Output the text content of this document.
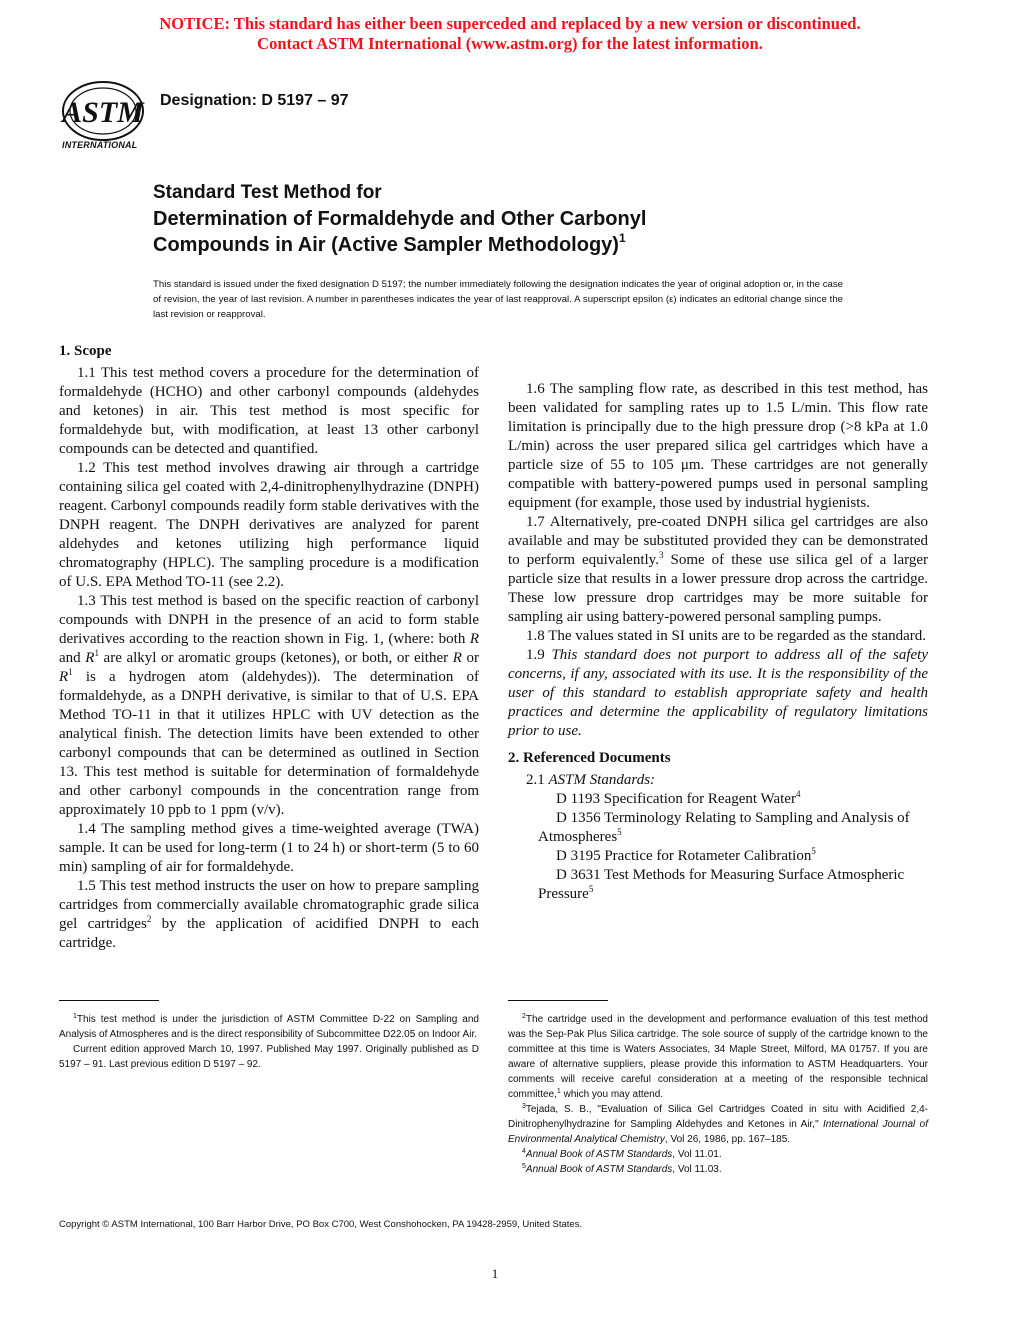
NOTICE: This standard has either been superceded and replaced by a new version or discontinued.
Contact ASTM International (www.astm.org) for the latest information.
ASTM
INTERNATIONAL
Designation: D 5197 – 97
Standard Test Method for
Determination of Formaldehyde and Other Carbonyl
Compounds in Air (Active Sampler Methodology)$^1$
This standard is issued under the fixed designation D 5197; the number immediately following the designation indicates the year of original adoption or, in the case of revision, the year of last revision. A number in parentheses indicates the year of last reapproval. A superscript epsilon (ε) indicates an editorial change since the last revision or reapproval.
1. Scope

1.1 This test method covers a procedure for the determination of formaldehyde (HCHO) and other carbonyl compounds (aldehydes and ketones) in air. This test method is most specific for formaldehyde but, with modification, at least 13 other carbonyl compounds can be detected and quantified.

1.2 This test method involves drawing air through a cartridge containing silica gel coated with 2,4-dinitrophenylhydrazine (DNPH) reagent. Carbonyl compounds readily form stable derivatives with the DNPH reagent. The DNPH derivatives are analyzed for parent aldehydes and ketones utilizing high performance liquid chromatography (HPLC). The sampling procedure is a modification of U.S. EPA Method TO-11 (see 2.2).

1.3 This test method is based on the specific reaction of carbonyl compounds with DNPH in the presence of an acid to form stable derivatives according to the reaction shown in Fig. 1, (where: both R and $R^1$ are alkyl or aromatic groups (ketones), or both, or either R or $R^1$ is a hydrogen atom (aldehydes)). The determination of formaldehyde, as a DNPH derivative, is similar to that of U.S. EPA Method TO-11 in that it utilizes HPLC with UV detection as the analytical finish. The detection limits have been extended to other carbonyl compounds that can be determined as outlined in Section 13. This test method is suitable for determination of formaldehyde and other carbonyl compounds in the concentration range from approximately 10 ppb to 1 ppm (v/v).

1.4 The sampling method gives a time-weighted average (TWA) sample. It can be used for long-term (1 to 24 h) or short-term (5 to 60 min) sampling of air for formaldehyde.

1.5 This test method instructs the user on how to prepare sampling cartridges from commercially available chromatographic grade silica gel cartridges$^2$ by the application of acidified DNPH to each cartridge.

$^1$This test method is under the jurisdiction of ASTM Committee D-22 on Sampling and Analysis of Atmospheres and is the direct responsibility of Subcommittee D22.05 on Indoor Air.

Current edition approved March 10, 1997. Published May 1997. Originally published as D 5197 – 91. Last previous edition D 5197 – 92.

$^2$The cartridge used in the development and performance evaluation of this test method was the Sep-Pak Plus Silica cartridge. The sole source of supply of the cartridge known to the committee at this time is Waters Associates, 34 Maple Street, Milford, MA 01757. If you are aware of alternative suppliers, please provide this information to ASTM Headquarters. Your comments will receive careful consideration at a meeting of the responsible technical committee,$^1$ which you may attend.

$^3$Tejada, S. B., "Evaluation of Silica Gel Cartridges Coated in situ with Acidified 2,4-Dinitrophenylhydrazine for Sampling Aldehydes and Ketones in Air," International Journal of Environmental Analytical Chemistry, Vol 26, 1986, pp. 167–185.

$^4$Annual Book of ASTM Standards, Vol 11.01.

$^5$Annual Book of ASTM Standards, Vol 11.03.

Copyright © ASTM International, 100 Barr Harbor Drive, PO Box C700, West Conshohocken, PA 19428-2959, United States.
1

1.6 The sampling flow rate, as described in this test method, has been validated for sampling rates up to 1.5 L/min. This flow rate limitation is principally due to the high pressure drop (>8 kPa at 1.0 L/min) across the user prepared silica gel cartridges which have a particle size of 55 to 105 μm. These cartridges are not generally compatible with battery-powered pumps used in personal sampling equipment (for example, those used by industrial hygienists.

1.7 Alternatively, pre-coated DNPH silica gel cartridges are also available and may be substituted provided they can be demonstrated to perform equivalently.$^3$ Some of these use silica gel of a larger particle size that results in a lower pressure drop across the cartridge. These low pressure drop cartridges may be more suitable for sampling air using battery-powered personal sampling pumps.

1.8 The values stated in SI units are to be regarded as the standard.

1.9 This standard does not purport to address all of the safety concerns, if any, associated with its use. It is the responsibility of the user of this standard to establish appropriate safety and health practices and determine the applicability of regulatory limitations prior to use.

2. Referenced Documents

2.1 ASTM Standards:

D 1193 Specification for Reagent Water$^4$

D 1356 Terminology Relating to Sampling and Analysis of Atmospheres$^5$

D 3195 Practice for Rotameter Calibration$^5$

D 3631 Test Methods for Measuring Surface Atmospheric Pressure$^5$
